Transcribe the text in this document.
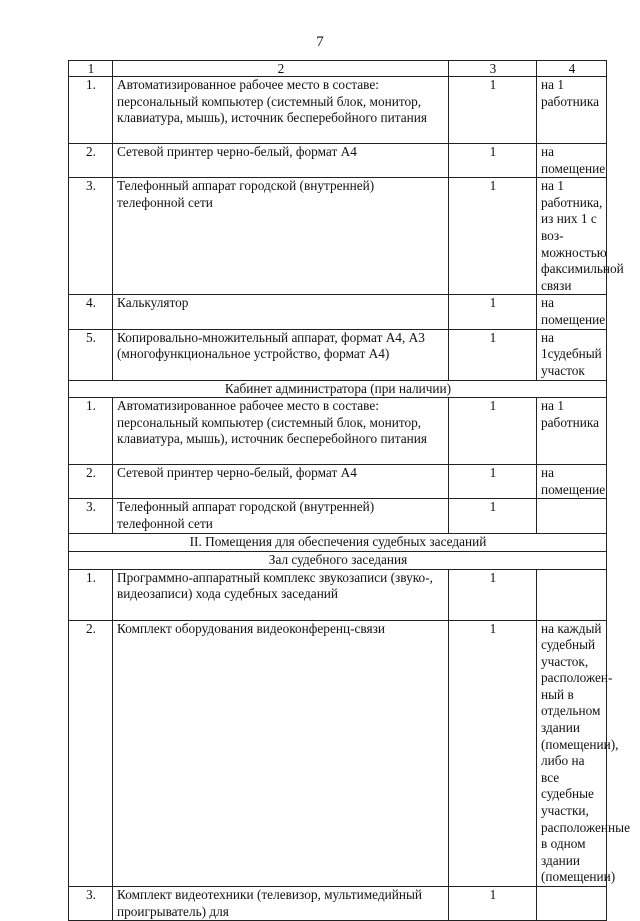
7
1	2	3	4
1.	Автоматизированное рабочее место в составе: персональный компьютер (системный блок, монитор, клавиатура, мышь), источник бесперебойного питания	1	на 1 работника
2.	Сетевой принтер черно-белый, формат А4	1	на помещение
3.	Телефонный аппарат городской (внутренней) телефонной сети	1	на 1 работника, из них 1 с воз-можностью факсимильной связи
4.	Калькулятор	1	на помещение
5.	Копировально-множительный аппарат, формат А4, А3 (многофункциональное устройство, формат А4)	1	на 1судебный участок
Кабинет администратора (при наличии)			
1.	Автоматизированное рабочее место в составе: персональный компьютер (системный блок, монитор, клавиатура, мышь), источник бесперебойного питания	1	на 1 работника
2.	Сетевой принтер черно-белый, формат А4	1	на помещение
3.	Телефонный аппарат городской (внутренней) телефонной сети	1	
II. Помещения для обеспечения судебных заседаний			
Зал судебного заседания			
1.	Программно-аппаратный комплекс звукозаписи (звуко-, видеозаписи) хода судебных заседаний	1	
2.	Комплект оборудования видеоконференц-связи	1	на каждый судебный участок, расположен-ный в отдельном здании (помещении), либо на все судебные участки, расположенные в одном здании (помещении)
3.	Комплект видеотехники (телевизор, мультимедийный проигрыватель) для	1	
